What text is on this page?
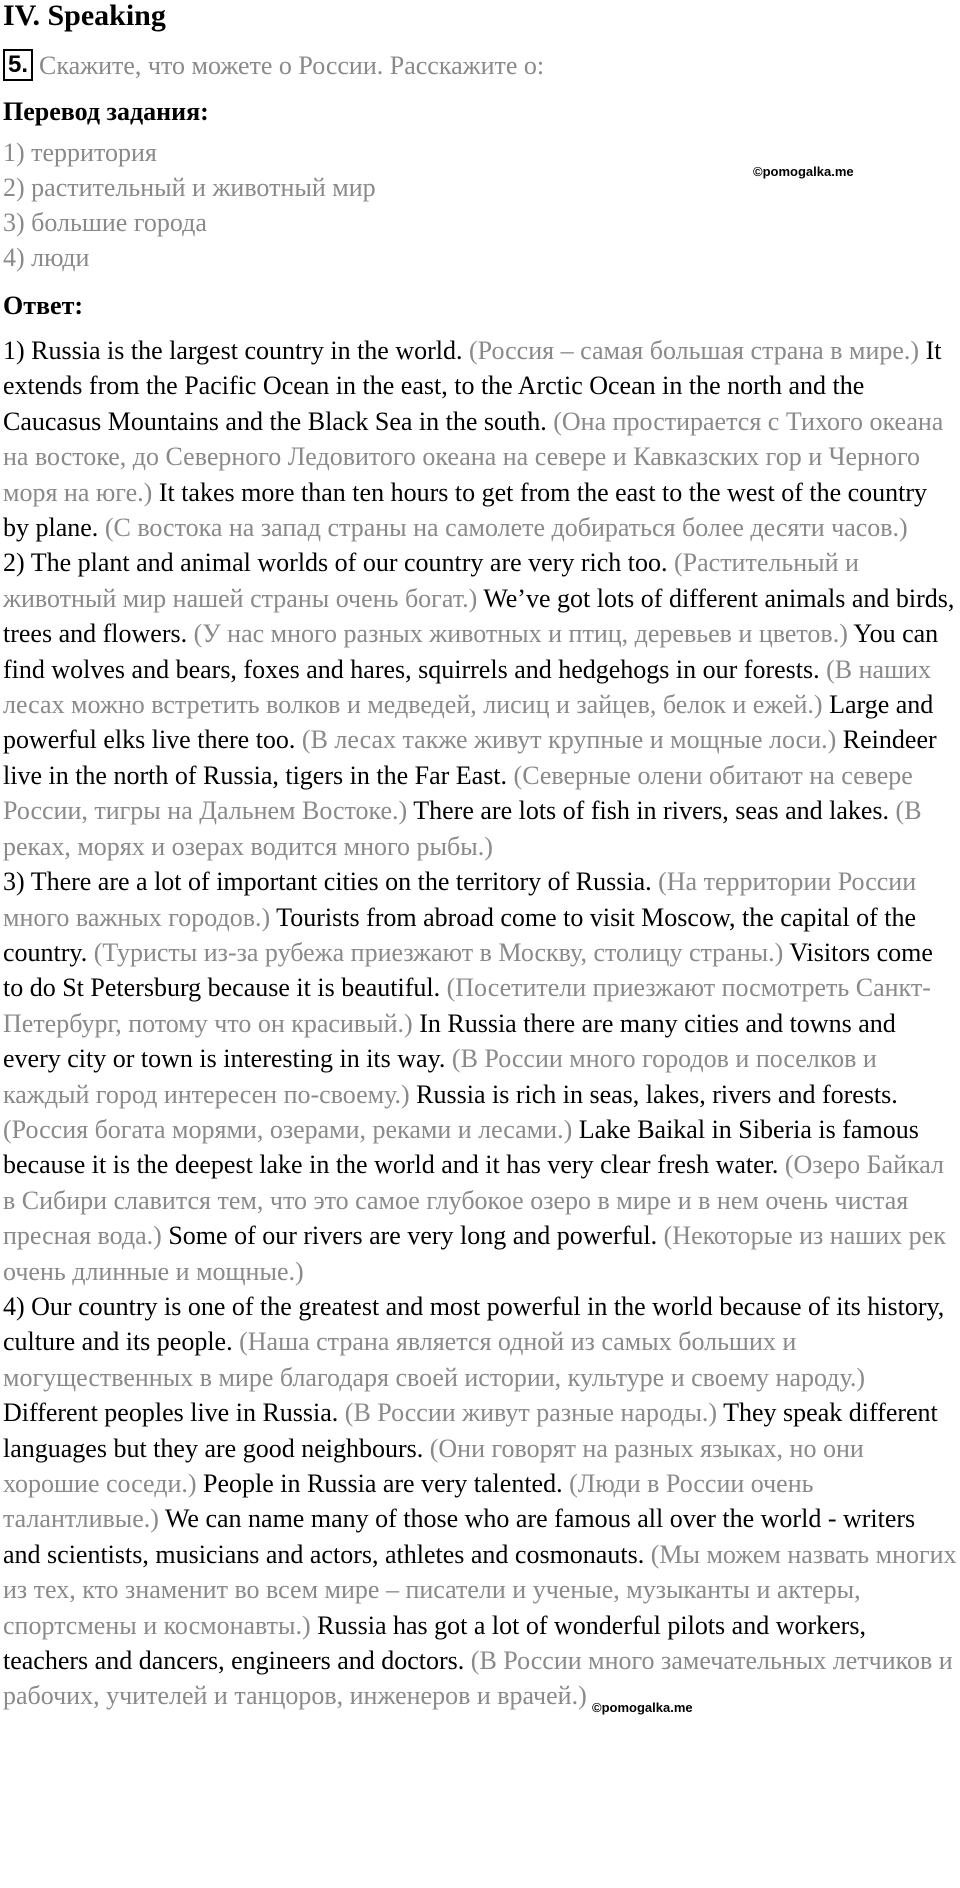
IV. Speaking
5. Скажите, что можете о России. Расскажите о:
Перевод задания:
1) территория
2) растительный и животный мир
3) большие города
4) люди
Ответ:

1) Russia is the largest country in the world. (Россия – самая большая страна в мире.) It extends from the Pacific Ocean in the east, to the Arctic Ocean in the north and the Caucasus Mountains and the Black Sea in the south. (Она простирается с Тихого океана на востоке, до Северного Ледовитого океана на севере и Кавказских гор и Черного моря на юге.) It takes more than ten hours to get from the east to the west of the country by plane. (С востока на запад страны на самолете добираться более десяти часов.)

2) The plant and animal worlds of our country are very rich too. (Растительный и животный мир нашей страны очень богат.) We’ve got lots of different animals and birds, trees and flowers. (У нас много разных животных и птиц, деревьев и цветов.) You can find wolves and bears, foxes and hares, squirrels and hedgehogs in our forests. (В наших лесах можно встретить волков и медведей, лисиц и зайцев, белок и ежей.) Large and powerful elks live there too. (В лесах также живут крупные и мощные лоси.) Reindeer live in the north of Russia, tigers in the Far East. (Северные олени обитают на севере России, тигры на Дальнем Востоке.) There are lots of fish in rivers, seas and lakes. (В реках, морях и озерах водится много рыбы.)

3) There are a lot of important cities on the territory of Russia. (На территории России много важных городов.) Tourists from abroad come to visit Moscow, the capital of the country. (Туристы из-за рубежа приезжают в Москву, столицу страны.) Visitors come to do St Petersburg because it is beautiful. (Посетители приезжают посмотреть Санкт-Петербург, потому что он красивый.) In Russia there are many cities and towns and every city or town is interesting in its way. (В России много городов и поселков и каждый город интересен по-своему.) Russia is rich in seas, lakes, rivers and forests. (Россия богата морями, озерами, реками и лесами.) Lake Baikal in Siberia is famous because it is the deepest lake in the world and it has very clear fresh water. (Озеро Байкал в Сибири славится тем, что это самое глубокое озеро в мире и в нем очень чистая пресная вода.) Some of our rivers are very long and powerful. (Некоторые из наших рек очень длинные и мощные.)

4) Our country is one of the greatest and most powerful in the world because of its history, culture and its people. (Наша страна является одной из самых больших и могущественных в мире благодаря своей истории, культуре и своему народу.) Different peoples live in Russia. (В России живут разные народы.) They speak different languages but they are good neighbours. (Они говорят на разных языках, но они хорошие соседи.) People in Russia are very talented. (Люди в России очень талантливые.) We can name many of those who are famous all over the world - writers and scientists, musicians and actors, athletes and cosmonauts. (Мы можем назвать многих из тех, кто знаменит во всем мире – писатели и ученые, музыканты и актеры, спортсмены и космонавты.) Russia has got a lot of wonderful pilots and workers, teachers and dancers, engineers and doctors. (В России много замечательных летчиков и рабочих, учителей и танцоров, инженеров и врачей.)

©pomogalka.me
©pomogalka.me
